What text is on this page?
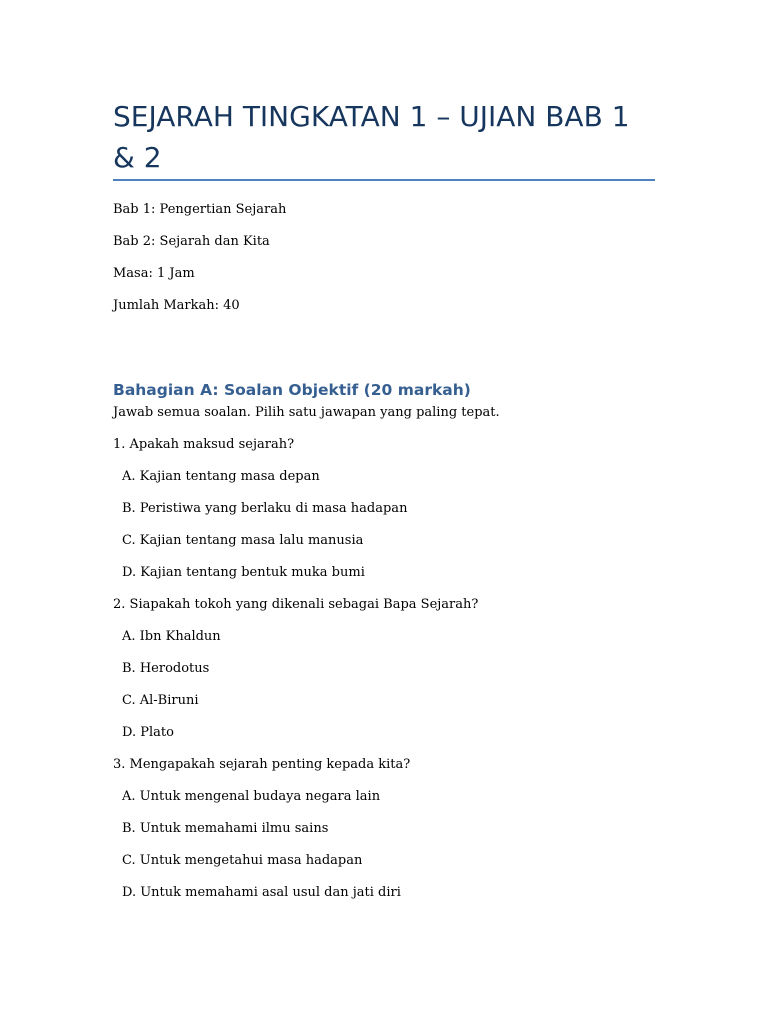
SEJARAH TINGKATAN 1 – UJIAN BAB 1 & 2

Bab 1: Pengertian Sejarah

Bab 2: Sejarah dan Kita

Masa: 1 Jam

Jumlah Markah: 40

Bahagian A: Soalan Objektif (20 markah)

Jawab semua soalan. Pilih satu jawapan yang paling tepat.

1. Apakah maksud sejarah?

A. Kajian tentang masa depan

B. Peristiwa yang berlaku di masa hadapan

C. Kajian tentang masa lalu manusia

D. Kajian tentang bentuk muka bumi

2. Siapakah tokoh yang dikenali sebagai Bapa Sejarah?

A. Ibn Khaldun

B. Herodotus

C. Al-Biruni

D. Plato

3. Mengapakah sejarah penting kepada kita?

A. Untuk mengenal budaya negara lain

B. Untuk memahami ilmu sains

C. Untuk mengetahui masa hadapan

D. Untuk memahami asal usul dan jati diri
